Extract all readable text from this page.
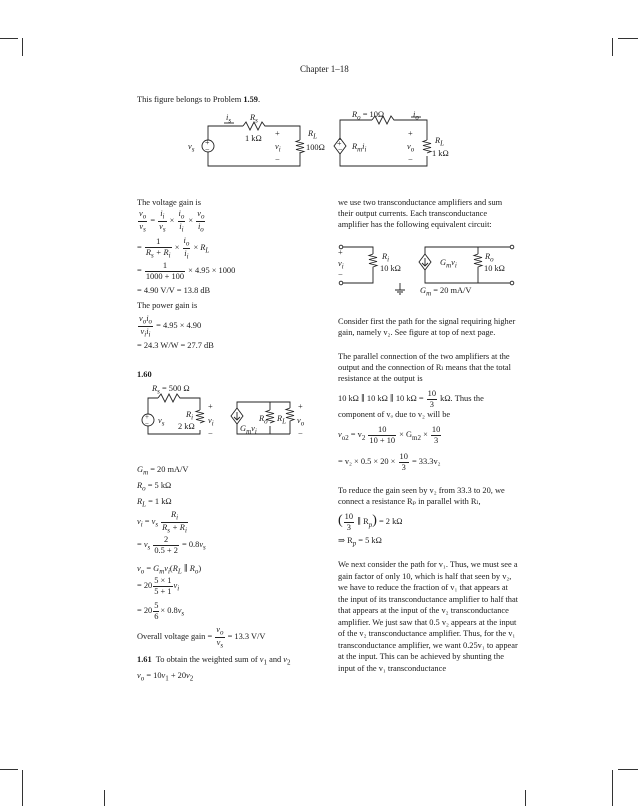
Chapter 1–18
This figure belongs to Problem 1.59.
+
−
+
−
$i_s$ $R_s$
1 kΩ
$v_s$
+
$v_i$
−
$R_L$
100Ω
$R_o = 10\Omega$	$i_o$
$R_mi_i$
+
$v_o$
−
$R_L$
1 kΩ
The voltage gain is
$\frac{v_o}{v_s} = \frac{i_i}{v_s} \times \frac{i_o}{i_i} \times \frac{v_o}{i_o}$
= $\frac{1}{R_s + R_i} \times \frac{i_o}{i_i} \times R_L$
= $\frac{1}{1000 + 100} \times 4.95 \times 1000$
= 4.90 V/V = 13.8 dB
The power gain is
$\frac{v_oi_o}{v_ii_i} = 4.95 \times 4.90$
= 24.3 W/W = 27.7 dB
1.60
+
−
$R_s = 500$ Ω
$v_s$
$R_i$
2 kΩ
+
$v_i$
−
$G_mv_i$
$R_o$ $R_L$
+
$v_o$
−
$G_m = 20$ mA/V
$R_o = 5$ kΩ
$R_L = 1$ kΩ
$v_i = v_s \frac{R_i}{R_s + R_i}$
= $v_s \frac{2}{0.5 + 2} = 0.8v_s$
$v_o = G_mv_i(R_L$ ∥ $R_o$)
= $20 \frac{5 \times 1}{5 + 1} v_i$
= $20 \frac{5}{6} \times 0.8v_s$
Overall voltage gain = $\frac{v_o}{v_s} = 13.3$ V/V
1.61 To obtain the weighted sum of $v_1$ and $v_2$
$v_o = 10v_1 + 20v_2$
we use two transconductance amplifiers and sum their output currents. Each transconductance amplifier has the following equivalent circuit:
+
$v_i$
−
$R_i$
10 kΩ
$G_mv_i$
$R_o$
10 kΩ
$G_m = 20$ mA/V
Consider first the path for the signal requiring higher gain, namely v₂. See figure at top of next page.
The parallel connection of the two amplifiers at the output and the connection of Rₗ means that the total resistance at the output is
10 kΩ ∥ 10 kΩ ∥ 10 $k\Omega = \frac{10}{3} k\Omega$. Thus the
component of vₒ due to v₂ will be
$v_{o2} = v_2 \frac{10}{10 + 10} \times G_{m2} \times \frac{10}{3}$
= $v_2 \times 0.5 \times 20 \times \frac{10}{3} = 33.3v_2$
To reduce the gain seen by v₂ from 33.3 to 20, we connect a resistance Rₚ in parallel with Rₗ,
( $\frac{10}{3}$ ∥ $R_p) = 2$ kΩ
⇒ $R_p = 5$ kΩ
We next consider the path for v₁. Thus, we must see a gain factor of only 10, which is half that seen by v₂, we have to reduce the fraction of v₁ that appears at the input of its transconductance amplifier to half that that appears at the input of the v₂ transconductance amplifier. We just saw that 0.5 v₂ appears at the input of the v₂ transconductance amplifier. Thus, for the v₁ transconductance amplifier, we want 0.25v₁ to appear at the input. This can be achieved by shunting the input of the v₁ transconductance
